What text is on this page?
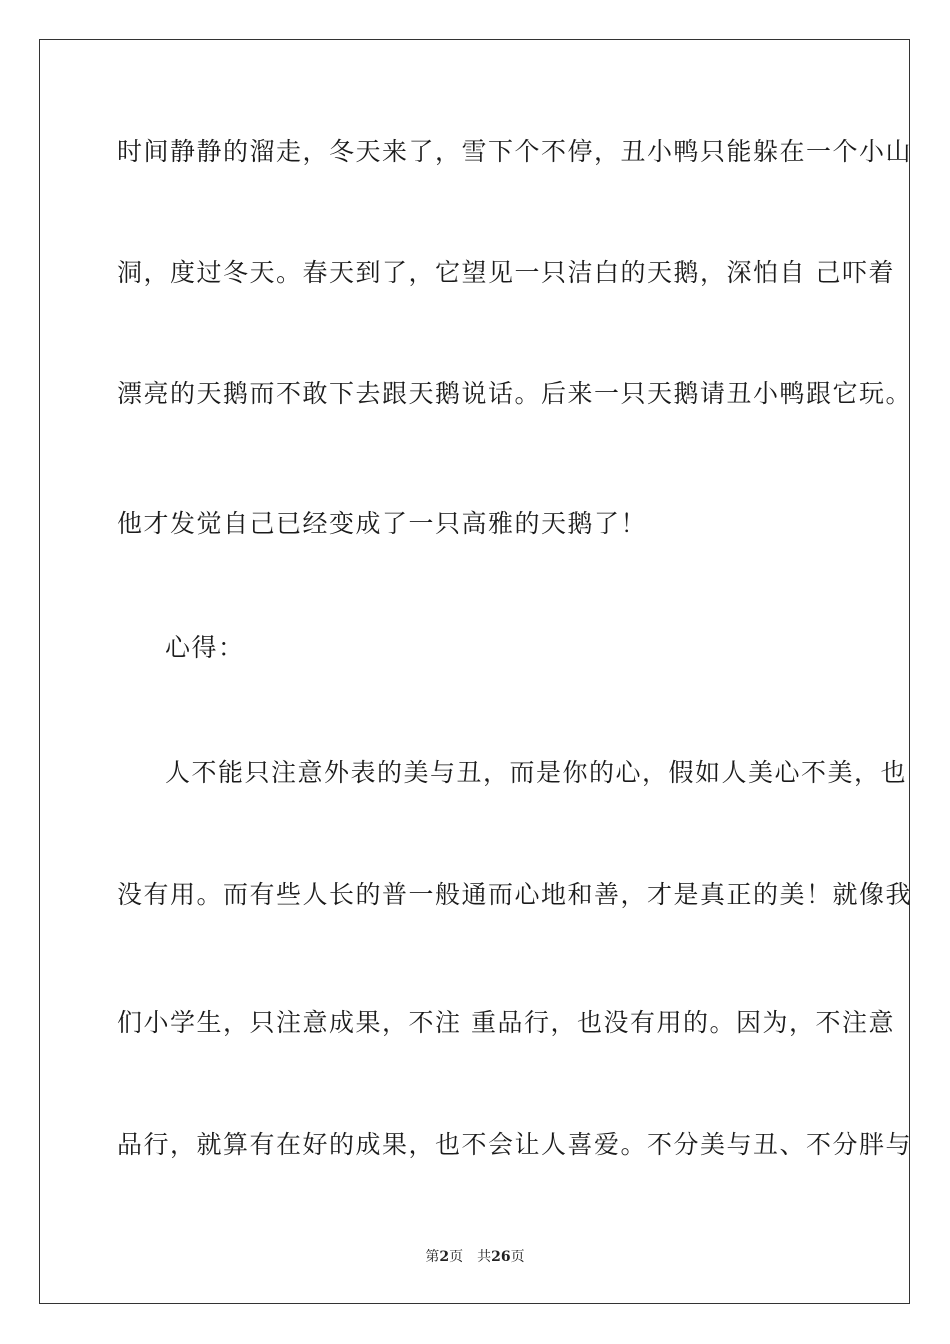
时间静静的溜走，冬天来了，雪下个不停，丑小鸭只能躲在一个小山
洞，度过冬天。春天到了，它望见一只洁白的天鹅，深怕自 己吓着
漂亮的天鹅而不敢下去跟天鹅说话。后来一只天鹅请丑小鸭跟它玩。
他才发觉自己已经变成了一只高雅的天鹅了！
心得：
人不能只注意外表的美与丑，而是你的心，假如人美心不美，也
没有用。而有些人长的普一般通而心地和善，才是真正的美！就像我
们小学生，只注意成果，不注 重品行，也没有用的。因为，不注意
品行，就算有在好的成果，也不会让人喜爱。不分美与丑、不分胖与
第2页 共26页
